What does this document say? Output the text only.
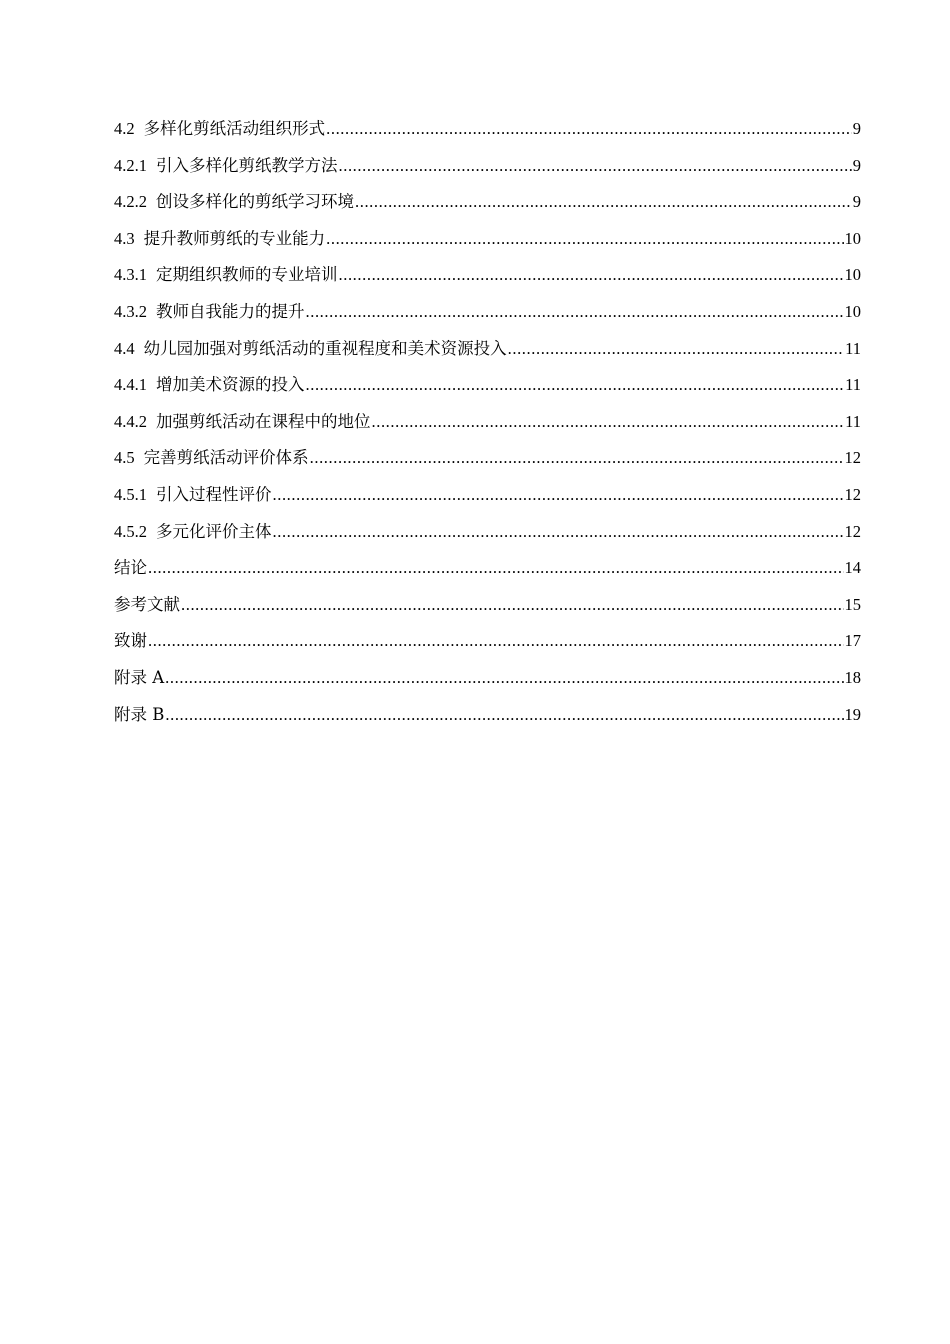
4.2 多样化剪纸活动组织形式 .....	9
4.2.1 引入多样化剪纸教学方法 .....	9
4.2.2 创设多样化的剪纸学习环境 .....	9
4.3 提升教师剪纸的专业能力 .....	10
4.3.1 定期组织教师的专业培训 .....	10
4.3.2 教师自我能力的提升 .....	10
4.4 幼儿园加强对剪纸活动的重视程度和美术资源投入 .....	11
4.4.1 增加美术资源的投入 .....	11
4.4.2 加强剪纸活动在课程中的地位 .....	11
4.5 完善剪纸活动评价体系 .....	12
4.5.1 引入过程性评价 .....	12
4.5.2 多元化评价主体 .....	12
结论 .....	14
参考文献 .....	15
致谢 .....	17
附录 A .....	18
附录 B .....	19
